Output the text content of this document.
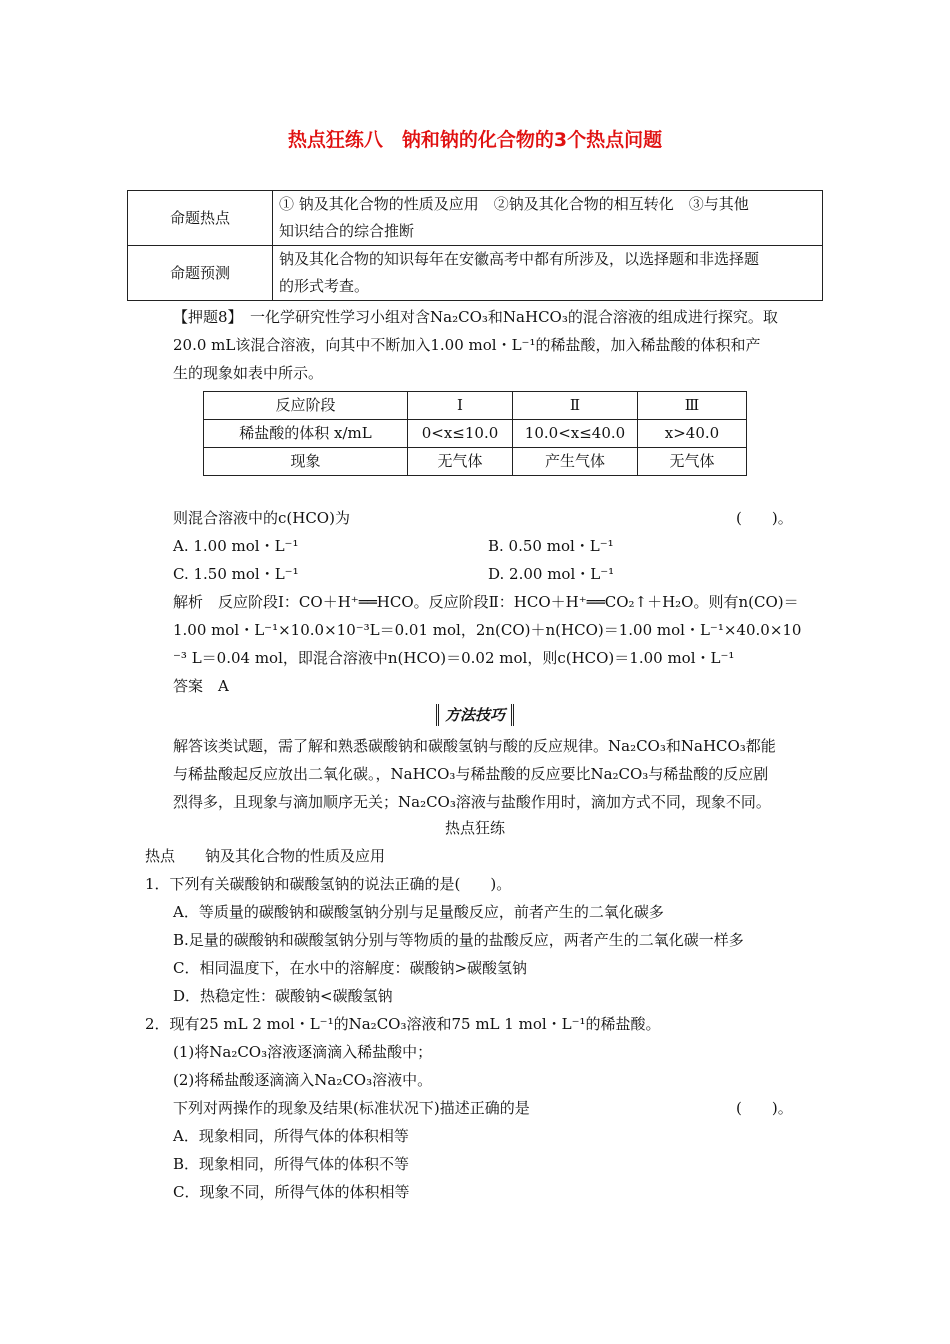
热点狂练八　钠和钠的化合物的3个热点问题
命题热点	① 钠及其化合物的性质及应用　②钠及其化合物的相互转化　③与其他
知识结合的综合推断

命题预测	钠及其化合物的知识每年在安徽高考中都有所涉及，以选择题和非选择题
的形式考查。
【押题8】　一化学研究性学习小组对含Na₂CO₃和NaHCO₃的混合溶液的组成进行探究。取
20.0 mL该混合溶液，向其中不断加入1.00 mol・L⁻¹的稀盐酸，加入稀盐酸的体积和产
生的现象如表中所示。
反应阶段	Ⅰ	Ⅱ	Ⅲ
稀盐酸的体积 x/mL	0<x≤10.0	10.0<x≤40.0	x>40.0
现象	无气体	产生气体	无气体
则混合溶液中的c(HCO)为	(　　)。
A. 1.00 mol・L⁻¹	B. 0.50 mol・L⁻¹
C. 1.50 mol・L⁻¹	D. 2.00 mol・L⁻¹
解析　反应阶段Ⅰ：CO＋H⁺══HCO。反应阶段Ⅱ：HCO＋H⁺══CO₂↑＋H₂O。则有n(CO)＝
1.00 mol・L⁻¹×10.0×10⁻³L＝0.01 mol，2n(CO)＋n(HCO)＝1.00 mol・L⁻¹×40.0×10
⁻³ L＝0.04 mol，即混合溶液中n(HCO)＝0.02 mol，则c(HCO)＝1.00 mol・L⁻¹
答案　A
方法技巧
解答该类试题，需了解和熟悉碳酸钠和碳酸氢钠与酸的反应规律。Na₂CO₃和NaHCO₃都能
与稀盐酸起反应放出二氧化碳。，NaHCO₃与稀盐酸的反应要比Na₂CO₃与稀盐酸的反应剧
烈得多，且现象与滴加顺序无关；Na₂CO₃溶液与盐酸作用时，滴加方式不同，现象不同。
热点狂练
热点　　钠及其化合物的性质及应用
1．下列有关碳酸钠和碳酸氢钠的说法正确的是(　　)。
A．等质量的碳酸钠和碳酸氢钠分别与足量酸反应，前者产生的二氧化碳多
B.足量的碳酸钠和碳酸氢钠分别与等物质的量的盐酸反应，两者产生的二氧化碳一样多
C．相同温度下，在水中的溶解度：碳酸钠>碳酸氢钠
D．热稳定性：碳酸钠<碳酸氢钠
2．现有25 mL 2 mol・L⁻¹的Na₂CO₃溶液和75 mL 1 mol・L⁻¹的稀盐酸。
(1)将Na₂CO₃溶液逐滴滴入稀盐酸中；
(2)将稀盐酸逐滴滴入Na₂CO₃溶液中。
下列对两操作的现象及结果(标准状况下)描述正确的是	(　　)。
A．现象相同，所得气体的体积相等
B．现象相同，所得气体的体积不等
C．现象不同，所得气体的体积相等
